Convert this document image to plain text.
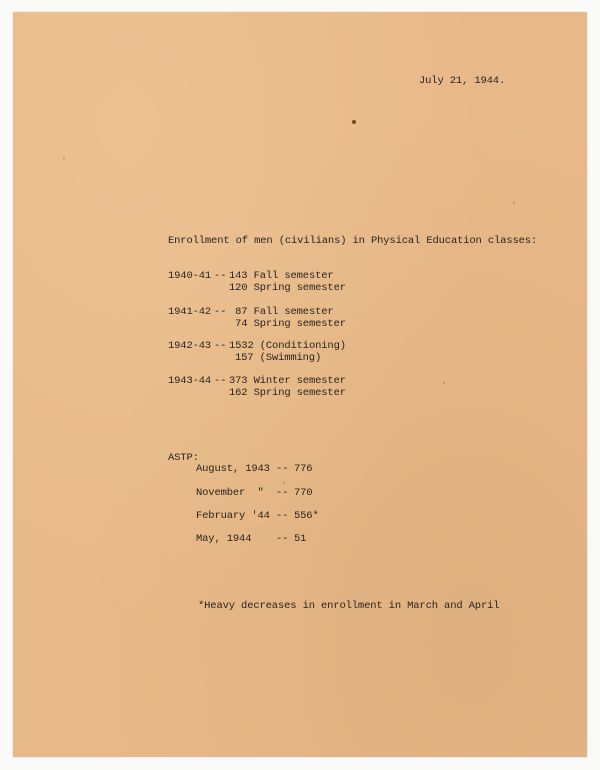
July 21, 1944.
Enrollment of men (civilians) in Physical Education classes:
1940-41 -- 143 Fall semester
120 Spring semester
1941-42 -- 87 Fall semester
74 Spring semester
1942-43 -- 1532 (Conditioning)
157 (Swimming)
1943-44 -- 373 Winter semester
162 Spring semester
ASTP:
August, 1943 -- 776
November  " -- 770
February '44 -- 556*
May, 1944 -- 51
*Heavy decreases in enrollment in March and April
